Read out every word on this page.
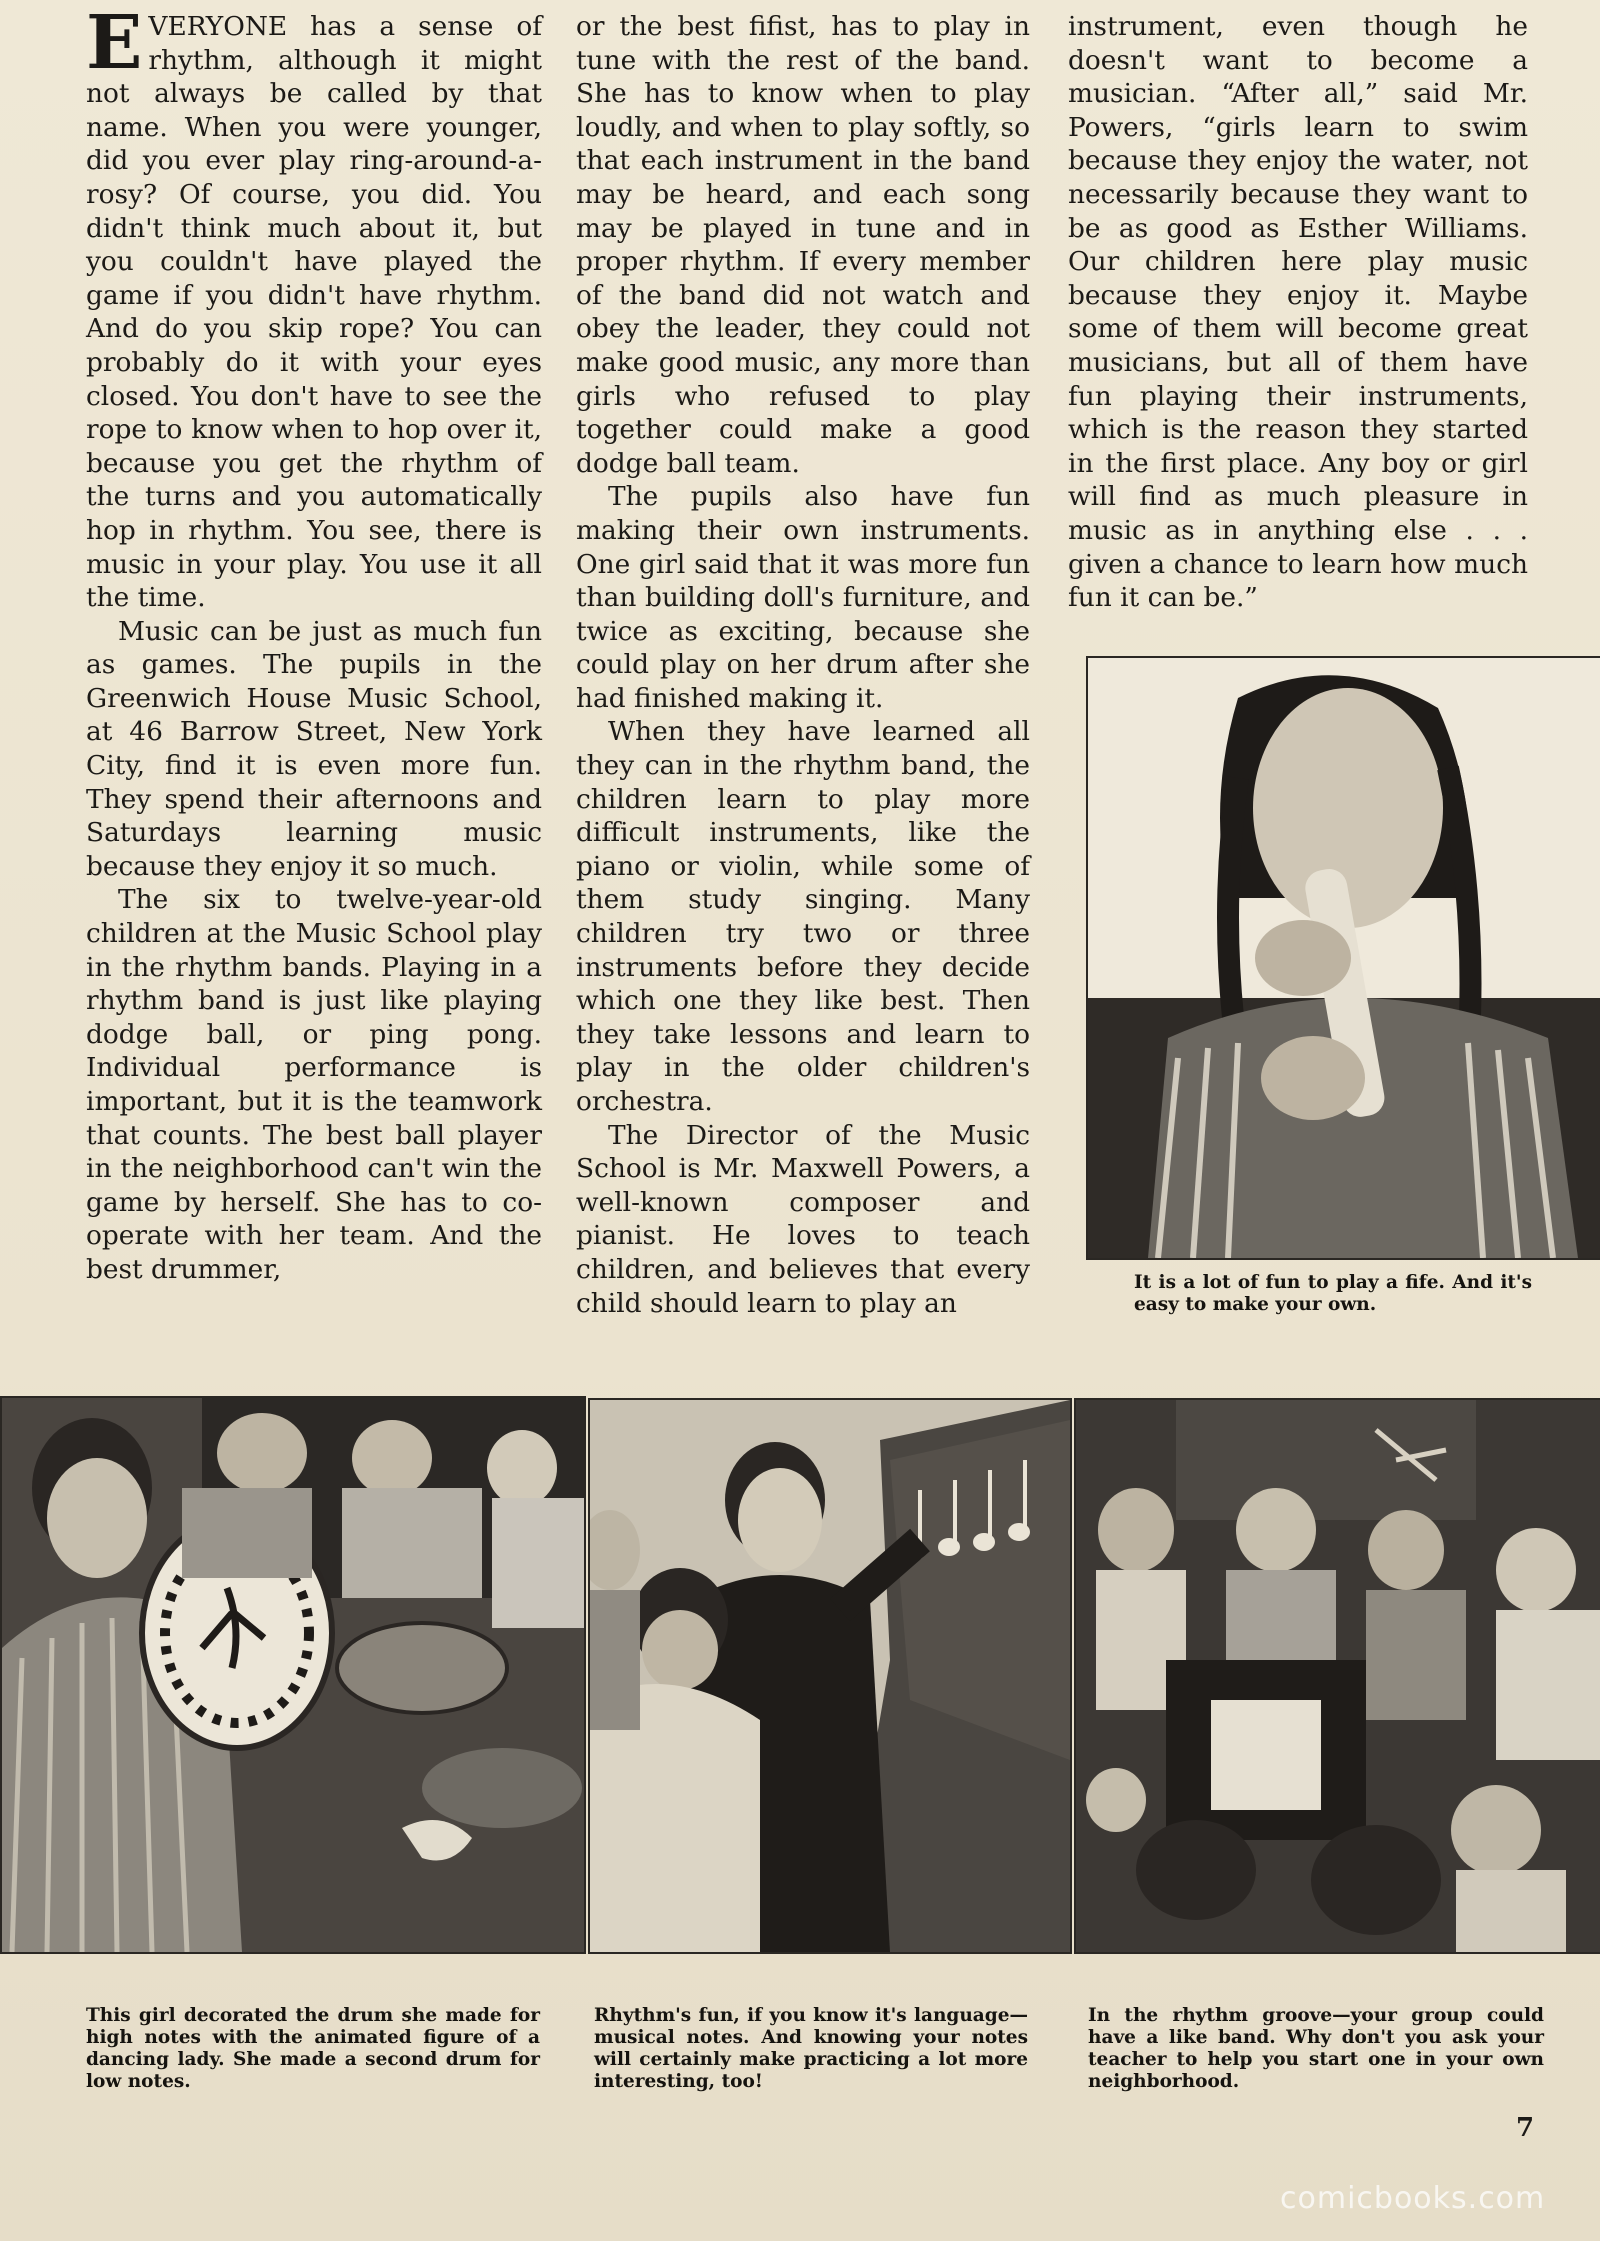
EVERYONE has a sense of rhythm, although it might not always be called by that name. When you were younger, did you ever play ring-around-a-rosy? Of course, you did. You didn't think much about it, but you couldn't have played the game if you didn't have rhythm. And do you skip rope? You can probably do it with your eyes closed. You don't have to see the rope to know when to hop over it, because you get the rhythm of the turns and you automatically hop in rhythm. You see, there is music in your play. You use it all the time.

Music can be just as much fun as games. The pupils in the Greenwich House Music School, at 46 Barrow Street, New York City, find it is even more fun. They spend their afternoons and Saturdays learning music because they enjoy it so much.

The six to twelve-year-old children at the Music School play in the rhythm bands. Playing in a rhythm band is just like playing dodge ball, or ping pong. Individual performance is important, but it is the teamwork that counts. The best ball player in the neighborhood can't win the game by herself. She has to co-operate with her team. And the best drummer,

or the best fifist, has to play in tune with the rest of the band. She has to know when to play loudly, and when to play softly, so that each instrument in the band may be heard, and each song may be played in tune and in proper rhythm. If every member of the band did not watch and obey the leader, they could not make good music, any more than girls who refused to play together could make a good dodge ball team.

The pupils also have fun making their own instruments. One girl said that it was more fun than building doll's furniture, and twice as exciting, because she could play on her drum after she had finished making it.

When they have learned all they can in the rhythm band, the children learn to play more difficult instruments, like the piano or violin, while some of them study singing. Many children try two or three instruments before they decide which one they like best. Then they take lessons and learn to play in the older children's orchestra.

The Director of the Music School is Mr. Maxwell Powers, a well-known composer and pianist. He loves to teach children, and believes that every child should learn to play an

instrument, even though he doesn't want to become a musician. “After all,” said Mr. Powers, “girls learn to swim because they enjoy the water, not necessarily because they want to be as good as Esther Williams. Our children here play music because they enjoy it. Maybe some of them will become great musicians, but all of them have fun playing their instruments, which is the reason they started in the first place. Any boy or girl will find as much pleasure in music as in anything else . . . given a chance to learn how much fun it can be.”

It is a lot of fun to play a fife. And it's easy to make your own.
This girl decorated the drum she made for high notes with the animated figure of a dancing lady. She made a second drum for low notes.
Rhythm's fun, if you know it's language—musical notes. And knowing your notes will certainly make practicing a lot more interesting, too!
In the rhythm groove—your group could have a like band. Why don't you ask your teacher to help you start one in your own neighborhood.
7
comicbooks.com
